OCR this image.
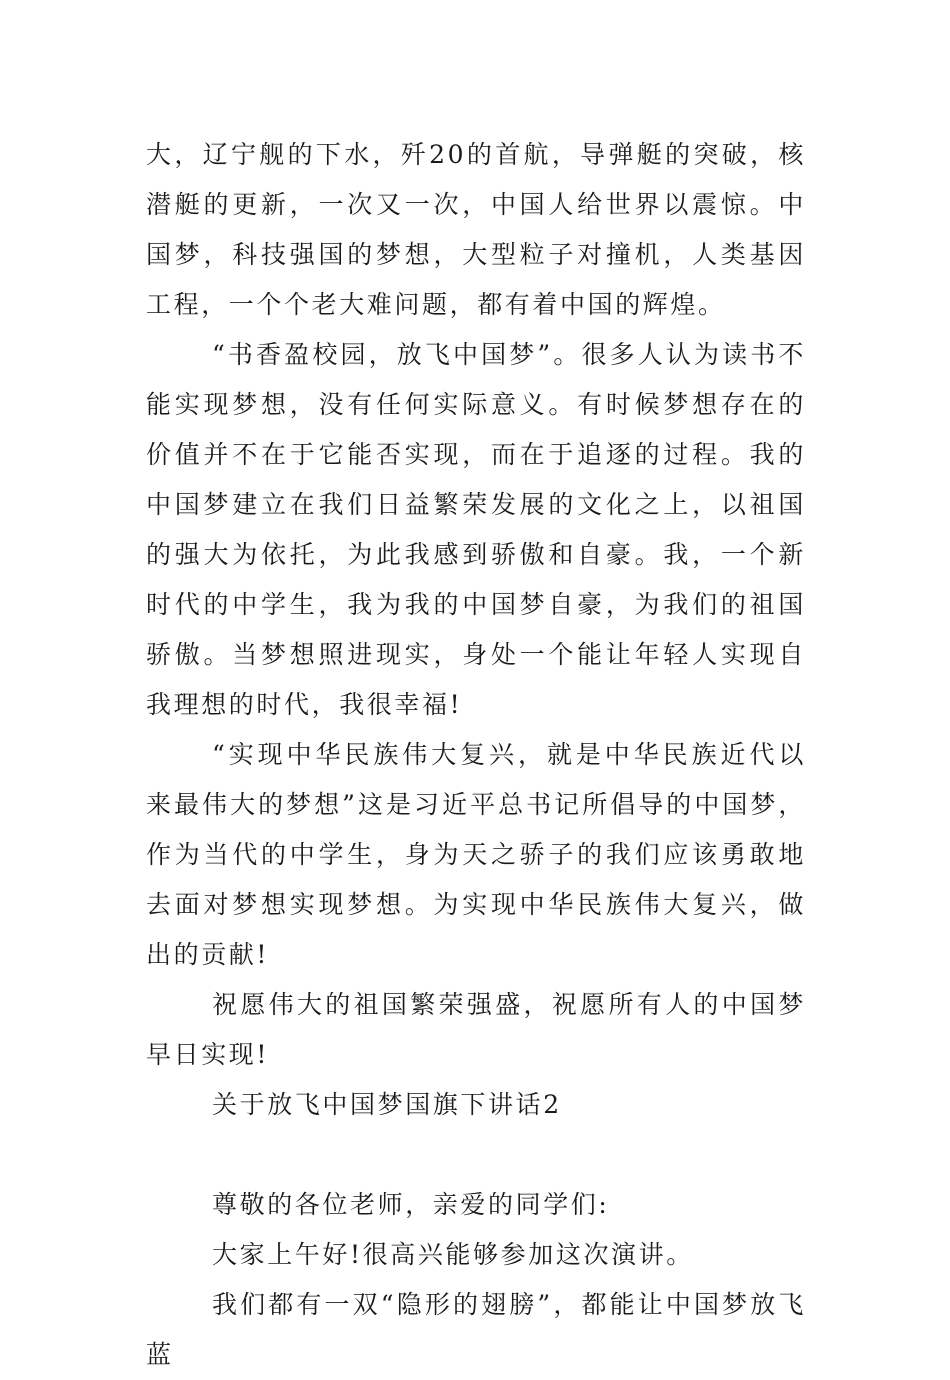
大，辽宁舰的下水，歼20的首航，导弹艇的突破，核潜艇的更新，一次又一次，中国人给世界以震惊。中国梦，科技强国的梦想，大型粒子对撞机，人类基因工程，一个个老大难问题，都有着中国的辉煌。

“书香盈校园，放飞中国梦”。很多人认为读书不能实现梦想，没有任何实际意义。有时候梦想存在的价值并不在于它能否实现，而在于追逐的过程。我的中国梦建立在我们日益繁荣发展的文化之上，以祖国的强大为依托，为此我感到骄傲和自豪。我，一个新时代的中学生，我为我的中国梦自豪，为我们的祖国骄傲。当梦想照进现实，身处一个能让年轻人实现自我理想的时代，我很幸福!

“实现中华民族伟大复兴，就是中华民族近代以来最伟大的梦想”这是习近平总书记所倡导的中国梦，作为当代的中学生，身为天之骄子的我们应该勇敢地去面对梦想实现梦想。为实现中华民族伟大复兴，做出的贡献!

祝愿伟大的祖国繁荣强盛，祝愿所有人的中国梦早日实现!

关于放飞中国梦国旗下讲话2

尊敬的各位老师，亲爱的同学们:

大家上午好!很高兴能够参加这次演讲。

我们都有一双“隐形的翅膀”，都能让中国梦放飞蓝
